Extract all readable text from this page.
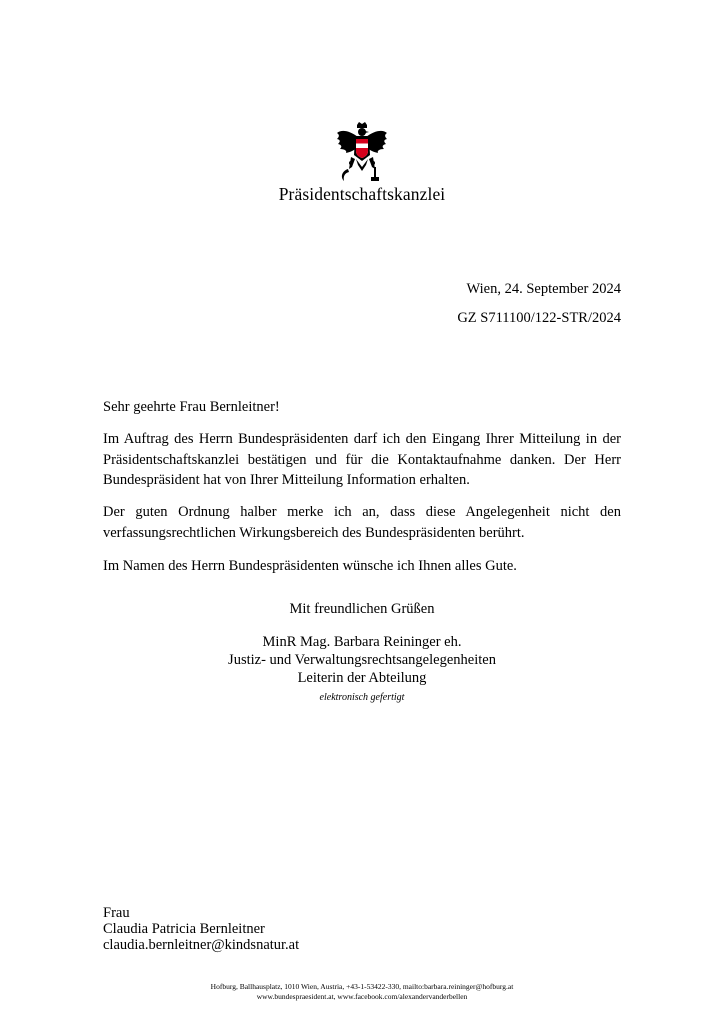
Präsidentschaftskanzlei
Wien, 24. September 2024
GZ S711100/122-STR/2024
Sehr geehrte Frau Bernleitner!
Im Auftrag des Herrn Bundespräsidenten darf ich den Eingang Ihrer Mitteilung in der Präsidentschaftskanzlei bestätigen und für die Kontaktaufnahme danken. Der Herr Bundespräsident hat von Ihrer Mitteilung Information erhalten.
Der guten Ordnung halber merke ich an, dass diese Angelegenheit nicht den verfassungsrechtlichen Wirkungsbereich des Bundespräsidenten berührt.
Im Namen des Herrn Bundespräsidenten wünsche ich Ihnen alles Gute.
Mit freundlichen Grüßen
MinR Mag. Barbara Reininger eh.
Justiz- und Verwaltungsrechtsangelegenheiten
Leiterin der Abteilung
elektronisch gefertigt
Frau
Claudia Patricia Bernleitner
claudia.bernleitner@kindsnatur.at
Hofburg, Ballhausplatz, 1010 Wien, Austria, +43-1-53422-330, mailto:barbara.reininger@hofburg.at
www.bundespraesident.at, www.facebook.com/alexandervanderbellen
